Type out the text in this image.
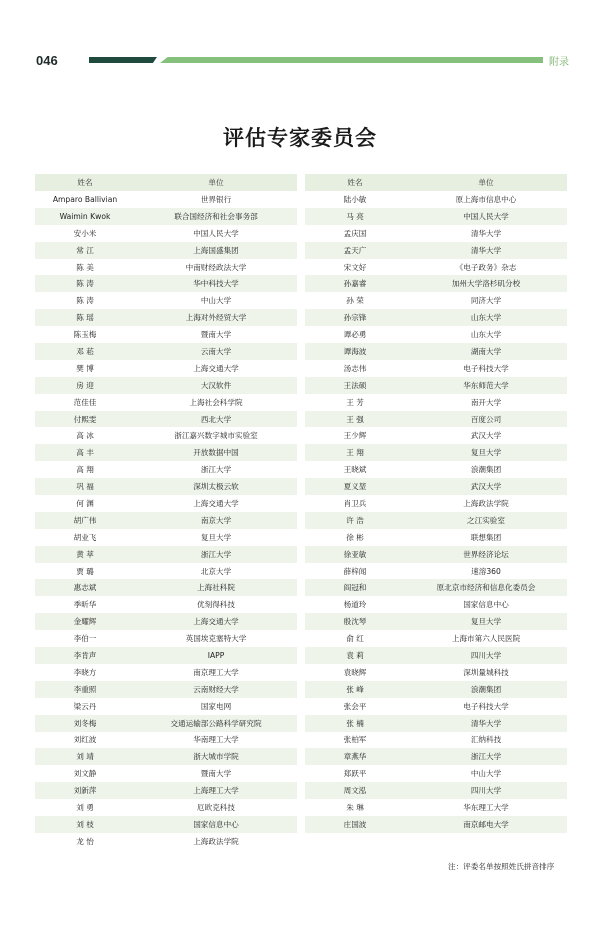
046	附录
评估专家委员会
姓名	单位
Amparo Ballivian	世界银行
Waimin Kwok	联合国经济和社会事务部
安小米	中国人民大学
常 江	上海国盛集团
陈 美	中南财经政法大学
陈 涛	华中科技大学
陈 涛	中山大学
陈 瑶	上海对外经贸大学
陈玉梅	暨南大学
邓 菘	云南大学
樊 博	上海交通大学
房 迎	大汉软件
范佳佳	上海社会科学院
付熙雯	西北大学
高 冰	浙江嘉兴数字城市实验室
高 丰	开放数据中国
高 翔	浙江大学
巩 福	深圳太极云软
何 渊	上海交通大学
胡广伟	南京大学
胡业飞	复旦大学
黄 萃	浙江大学
贾 璐	北京大学
惠志斌	上海社科院
季昕华	优刻得科技
金耀辉	上海交通大学
李伯一	英国埃克塞特大学
李肯声	IAPP
李晓方	南京理工大学
李重照	云南财经大学
梁云丹	国家电网
刘冬梅	交通运输部公路科学研究院
刘红波	华南理工大学
刘 靖	浙大城市学院
刘文静	暨南大学
刘新萍	上海理工大学
刘 勇	厄欧克科技
刘 枝	国家信息中心
龙 怡	上海政法学院
姓名	单位
陆小敏	原上海市信息中心
马 亮	中国人民大学
孟庆国	清华大学
孟天广	清华大学
宋文好	《电子政务》杂志
孙嘉睿	加州大学洛杉矶分校
孙 荣	同济大学
孙宗锋	山东大学
谭必勇	山东大学
谭海波	湖南大学
汤志伟	电子科技大学
王法硕	华东师范大学
王 芳	南开大学
王 强	百度公司
王少辉	武汉大学
王 翔	复旦大学
王晓斌	浪潮集团
夏义堃	武汉大学
肖卫兵	上海政法学院
许 浩	之江实验室
徐 彬	联想集团
徐亚敏	世界经济论坛
薛梓闻	速溶360
阎冠和	原北京市经济和信息化委员会
杨道玲	国家信息中心
殷沈琴	复旦大学
俞 红	上海市第六人民医院
袁 莉	四川大学
袁晓辉	深圳量城科技
张 峰	浪潮集团
张会平	电子科技大学
张 楠	清华大学
张柏军	汇纳科技
章燕华	浙江大学
郑跃平	中山大学
周文泓	四川大学
朱 琳	华东理工大学
庄国波	南京邮电大学
注：评委名单按照姓氏拼音排序
